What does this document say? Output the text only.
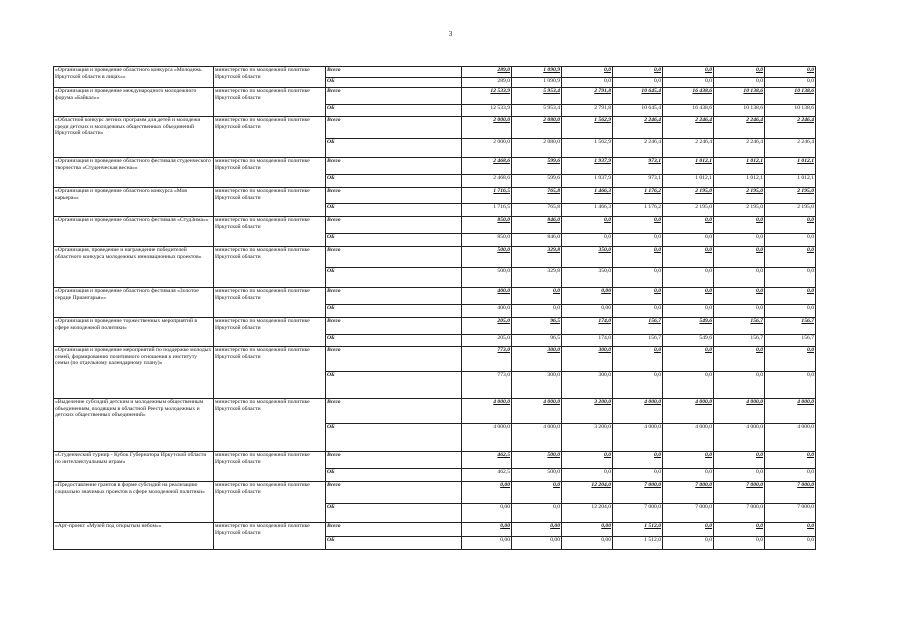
3
«Организация и проведение областного конкурса «Молодежь Иркутской области в лицах»»	министерство по молодежной политике Иркутской области	Всего	289,0	1 090,9	0,0	0,0	0,0	0,0	0,0
		ОБ	289,0	1 090,9	0,0	0,0	0,0	0,0	0,0
«Организация и проведение международного молодежного форума «Байкал»»	министерство по молодежной политике Иркутской области	Всего	12 533,9	5 953,4	2 791,8	10 645,4	16 438,6	10 138,6	10 138,6
		ОБ	12 533,9	5 953,4	2 791,8	10 645,4	16 438,6	10 138,6	10 138,6
«Областной конкурс летних программ для детей и молодежи среди детских и молодежных общественных объединений Иркутской области»	министерство по молодежной политике Иркутской области	Всего	2 000,0	2 080,0	1 562,9	2 246,4	2 246,4	2 246,4	2 246,4
		ОБ	2 000,0	2 080,0	1 562,9	2 246,4	2 246,4	2 246,4	2 246,4
«Организация и проведение областного фестиваля студенческого творчества «Студенческая весна»»	министерство по молодежной политике Иркутской области	Всего	2 468,6	599,6	1 937,9	973,1	1 012,1	1 012,1	1 012,1
		ОБ	2 468,6	599,6	1 937,9	973,1	1 012,1	1 012,1	1 012,1
«Организация и проведение областного конкурса «Моя карьера»»	министерство по молодежной политике Иркутской области	Всего	1 716,5	765,8	1 466,3	1 176,2	2 195,0	2 195,0	2 195,0
		ОБ	1 716,5	765,8	1 466,3	1 176,2	2 195,0	2 195,0	2 195,0
«Организация и проведение областного фестиваля «СтудЗима»»	министерство по молодежной политике Иркутской области	Всего	850,0	846,0	0,0	0,0	0,0	0,0	0,0
		ОБ	850,0	846,0	0,0	0,0	0,0	0,0	0,0
«Организация, проведение и награждение победителей областного конкурса молодежных инновационных проектов»	министерство по молодежной политике Иркутской области	Всего	500,0	329,8	350,0	0,0	0,0	0,0	0,0
		ОБ	500,0	329,8	350,0	0,0	0,0	0,0	0,0
«Организация и проведение областного фестиваля «Золотое сердце Приангарья»»	министерство по молодежной политике Иркутской области	Всего	400,0	0,0	0,00	0,0	0,0	0,0	0,0
		ОБ	400,0	0,0	0,00	0,0	0,0	0,0	0,0
«Организация и проведение торжественных мероприятий в сфере молодежной политики»	министерство по молодежной политике Иркутской области	Всего	205,0	96,5	174,0	156,7	549,6	156,7	156,7
		ОБ	205,0	96,5	174,0	156,7	549,6	156,7	156,7
«Организация и проведение мероприятий по поддержке молодых семей, формированию позитивного отношения к институту семьи (по отдельному календарному плану)»	министерство по молодежной политике Иркутской области	Всего	773,0	300,0	300,0	0,0	0,0	0,0	0,0
		ОБ	773,0	300,0	300,0	0,0	0,0	0,0	0,0
«Выделение субсидий детским и молодежным общественным объединениям, входящим в областной Реестр молодежных и детских общественных объединений»	министерство по молодежной политике Иркутской области	Всего	4 000,0	4 000,0	3 200,0	4 000,0	4 000,0	4 000,0	4 000,0
		ОБ	4 000,0	4 000,0	3 200,0	4 000,0	4 000,0	4 000,0	4 000,0
«Студенческий турнир - Кубок Губернатора Иркутской области по интеллектуальным играм»	министерство по молодежной политике Иркутской области	Всего	462,5	500,0	0,0	0,0	0,0	0,0	0,0
		ОБ	462,5	500,0	0,0	0,0	0,0	0,0	0,0
«Предоставление грантов в форме субсидий на реализацию социально значимых проектов в сфере молодежной политики»	министерство по молодежной политике Иркутской области	Всего	0,00	0,0	12 204,0	7 000,0	7 000,0	7 000,0	7 000,0
		ОБ	0,00	0,0	12 204,0	7 000,0	7 000,0	7 000,0	7 000,0
«Арт-проект «Музей под открытым небом»»	министерство по молодежной политике Иркутской области	Всего	0,00	0,00	0,00	1 512,0	0,0	0,0	0,0
		ОБ	0,00	0,00	0,00	1 512,0	0,0	0,0	0,0
